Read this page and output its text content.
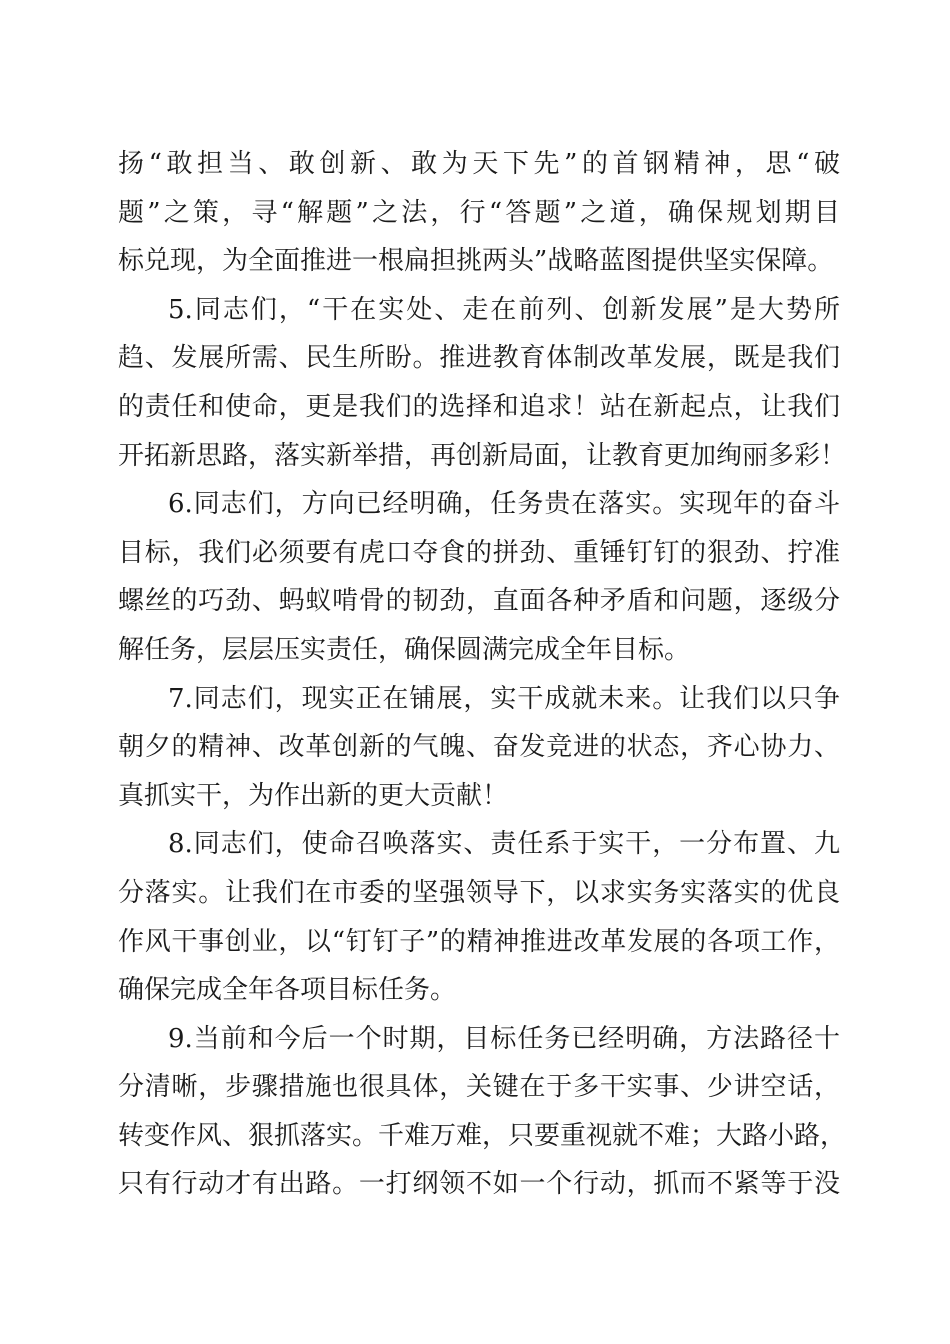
扬“敢担当、敢创新、敢为天下先”的首钢精神，思“破
题”之策，寻“解题”之法，行“答题”之道，确保规划期目
标兑现，为全面推进一根扁担挑两头”战略蓝图提供坚实保障。
5.同志们，“干在实处、走在前列、创新发展”是大势所
趋、发展所需、民生所盼。推进教育体制改革发展，既是我们
的责任和使命，更是我们的选择和追求！站在新起点，让我们
开拓新思路，落实新举措，再创新局面，让教育更加绚丽多彩！
6.同志们，方向已经明确，任务贵在落实。实现年的奋斗
目标，我们必须要有虎口夺食的拼劲、重锤钉钉的狠劲、拧准
螺丝的巧劲、蚂蚁啃骨的韧劲，直面各种矛盾和问题，逐级分
解任务，层层压实责任，确保圆满完成全年目标。
7.同志们，现实正在铺展，实干成就未来。让我们以只争
朝夕的精神、改革创新的气魄、奋发竞进的状态，齐心协力、
真抓实干，为作出新的更大贡献！
8.同志们，使命召唤落实、责任系于实干，一分布置、九
分落实。让我们在市委的坚强领导下，以求实务实落实的优良
作风干事创业，以“钉钉子”的精神推进改革发展的各项工作，
确保完成全年各项目标任务。
9.当前和今后一个时期，目标任务已经明确，方法路径十
分清晰，步骤措施也很具体，关键在于多干实事、少讲空话，
转变作风、狠抓落实。千难万难，只要重视就不难；大路小路，
只有行动才有出路。一打纲领不如一个行动，抓而不紧等于没
